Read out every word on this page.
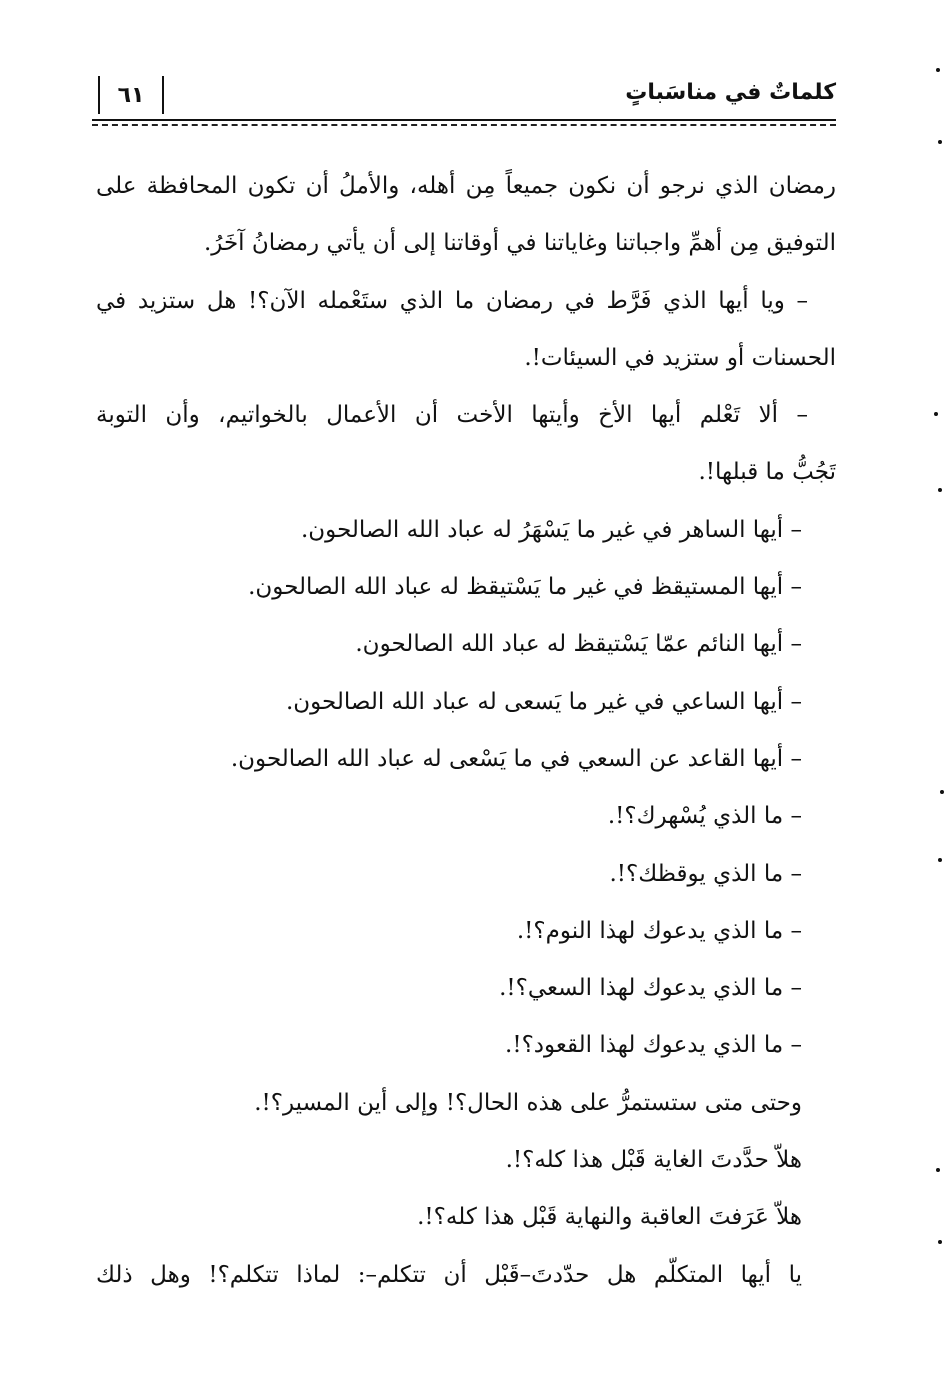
كلماتٌ في مناسَباتٍ
٦١
رمضان الذي نرجو أن نكون جميعاً مِن أهله، والأملُ أن تكون المحافظة على
التوفيق مِن أهمِّ واجباتنا وغاياتنا في أوقاتنا إلى أن يأتي رمضانُ آخَرُ.
– ويا أيها الذي فَرَّط في رمضان ما الذي ستَعْمله الآن؟! هل ستزيد في
الحسنات أو ستزيد في السيئات!.
– ألا تَعْلم أيها الأخ وأيتها الأخت أن الأعمال بالخواتيم، وأن التوبة
تَجُبُّ ما قبلها!.
– أيها الساهر في غير ما يَسْهَرُ له عباد الله الصالحون.
– أيها المستيقظ في غير ما يَسْتيقظ له عباد الله الصالحون.
– أيها النائم عمّا يَسْتيقظ له عباد الله الصالحون.
– أيها الساعي في غير ما يَسعى له عباد الله الصالحون.
– أيها القاعد عن السعي في ما يَسْعى له عباد الله الصالحون.
– ما الذي يُسْهرك؟!.
– ما الذي يوقظك؟!.
– ما الذي يدعوك لهذا النوم؟!.
– ما الذي يدعوك لهذا السعي؟!.
– ما الذي يدعوك لهذا القعود؟!.
وحتى متى ستستمرُّ على هذه الحال؟! وإلى أين المسير؟!.
هلاّ حدَّدتَ الغاية قَبْل هذا كله؟!.
هلاّ عَرَفتَ العاقبة والنهاية قَبْل هذا كله؟!.
يا أيها المتكلّم هل حدّدتَ–قَبْل أن تتكلم–: لماذا تتكلم؟! وهل ذلك
